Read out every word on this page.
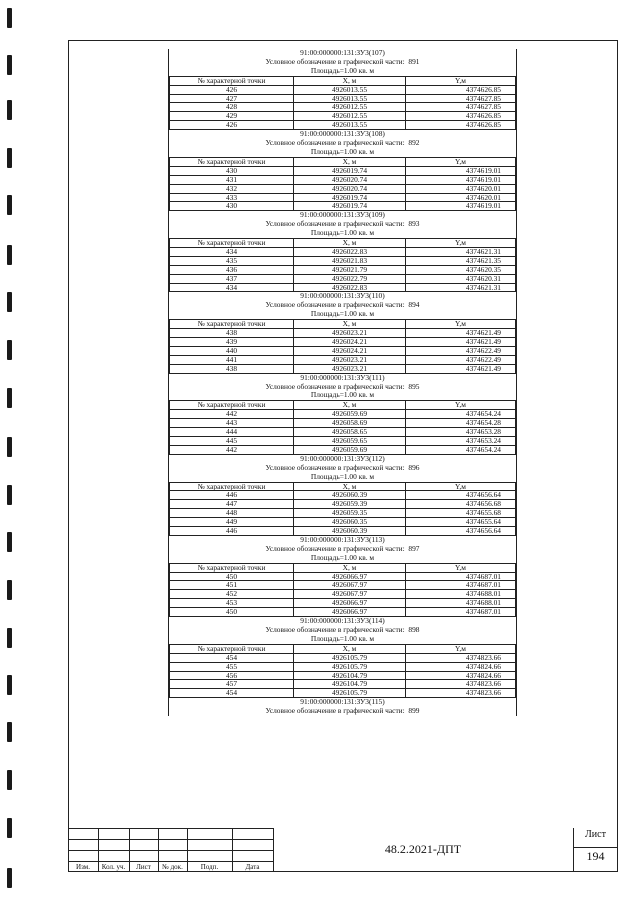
91:00:000000:131:ЗУ3(107)
Условное обозначение в графической части: 891
Площадь=1.00 кв. м
№ характерной точки	X, м	Y,м
426	4926013.55	4374626.85
427	4926013.55	4374627.85
428	4926012.55	4374627.85
429	4926012.55	4374626.85
426	4926013.55	4374626.85
91:00:000000:131:ЗУ3(108)
Условное обозначение в графической части: 892
Площадь=1.00 кв. м
№ характерной точки	X, м	Y,м
430	4926019.74	4374619.01
431	4926020.74	4374619.01
432	4926020.74	4374620.01
433	4926019.74	4374620.01
430	4926019.74	4374619.01
91:00:000000:131:ЗУ3(109)
Условное обозначение в графической части: 893
Площадь=1.00 кв. м
№ характерной точки	X, м	Y,м
434	4926022.83	4374621.31
435	4926021.83	4374621.35
436	4926021.79	4374620.35
437	4926022.79	4374620.31
434	4926022.83	4374621.31
91:00:000000:131:ЗУ3(110)
Условное обозначение в графической части: 894
Площадь=1.00 кв. м
№ характерной точки	X, м	Y,м
438	4926023.21	4374621.49
439	4926024.21	4374621.49
440	4926024.21	4374622.49
441	4926023.21	4374622.49
438	4926023.21	4374621.49
91:00:000000:131:ЗУ3(111)
Условное обозначение в графической части: 895
Площадь=1.00 кв. м
№ характерной точки	X, м	Y,м
442	4926059.69	4374654.24
443	4926058.69	4374654.28
444	4926058.65	4374653.28
445	4926059.65	4374653.24
442	4926059.69	4374654.24
91:00:000000:131:ЗУ3(112)
Условное обозначение в графической части: 896
Площадь=1.00 кв. м
№ характерной точки	X, м	Y,м
446	4926060.39	4374656.64
447	4926059.39	4374656.68
448	4926059.35	4374655.68
449	4926060.35	4374655.64
446	4926060.39	4374656.64
91:00:000000:131:ЗУ3(113)
Условное обозначение в графической части: 897
Площадь=1.00 кв. м
№ характерной точки	X, м	Y,м
450	4926066.97	4374687.01
451	4926067.97	4374687.01
452	4926067.97	4374688.01
453	4926066.97	4374688.01
450	4926066.97	4374687.01
91:00:000000:131:ЗУ3(114)
Условное обозначение в графической части: 898
Площадь=1.00 кв. м
№ характерной точки	X, м	Y,м
454	4926105.79	4374823.66
455	4926105.79	4374824.66
456	4926104.79	4374824.66
457	4926104.79	4374823.66
454	4926105.79	4374823.66
91:00:000000:131:ЗУ3(115)
Условное обозначение в графической части: 899
Изм.	Кол. уч.	Лист	№ док.	Подп.	Дата
48.2.2021-ДПТ
Лист
194
